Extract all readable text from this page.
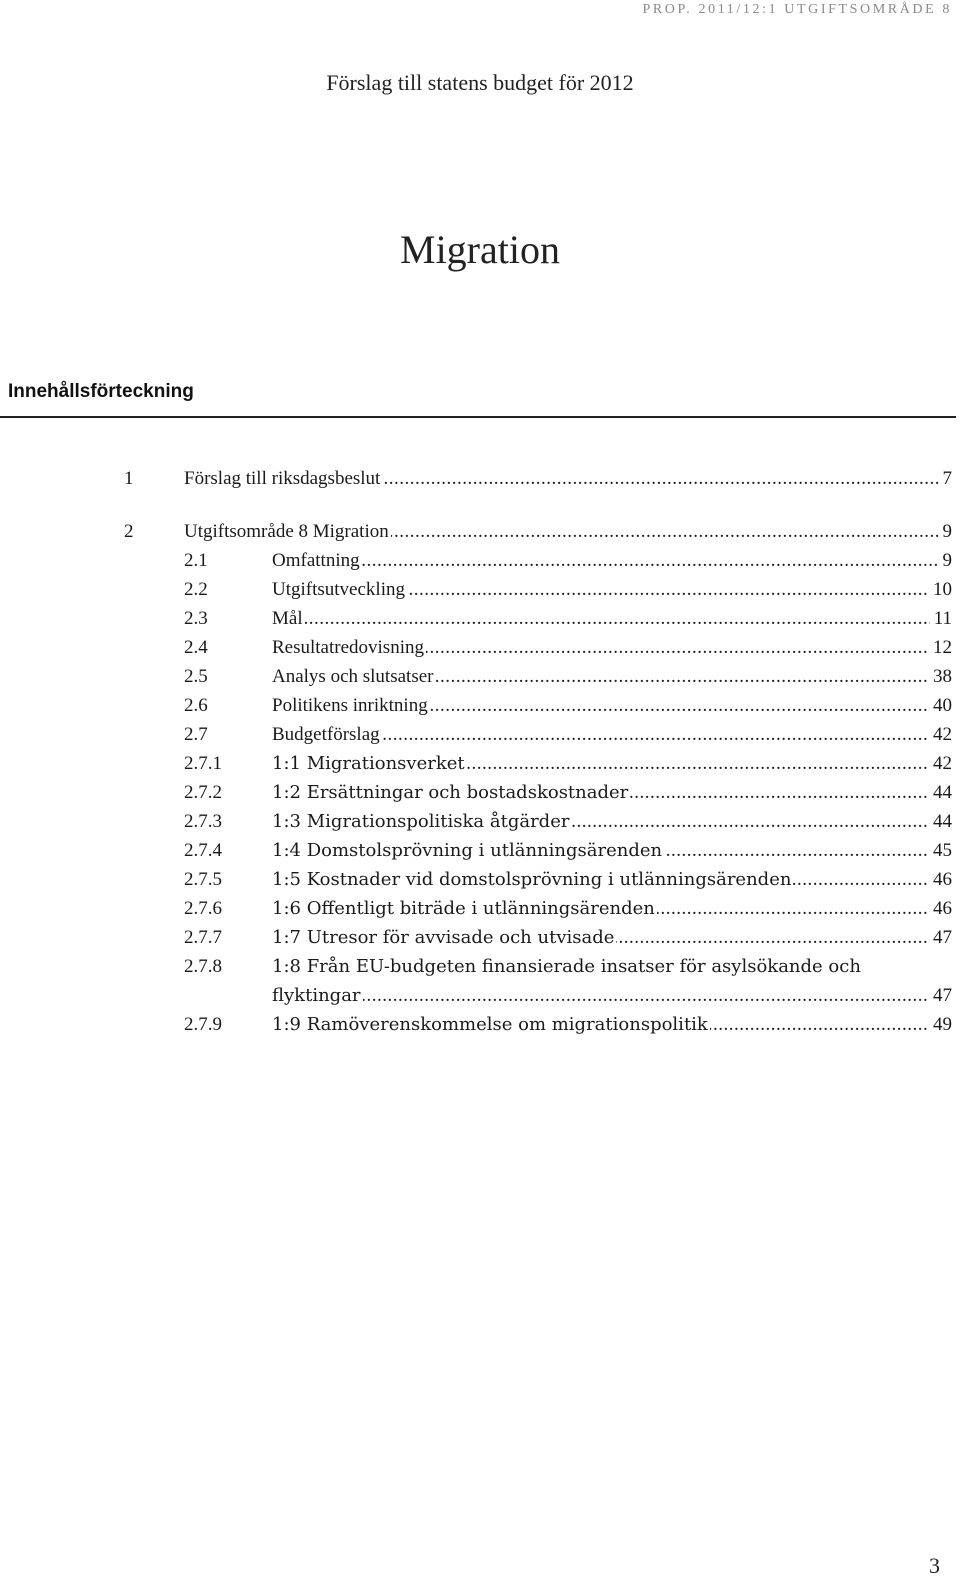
PROP. 2011/12:1 UTGIFTSOMRÅDE 8
Förslag till statens budget för 2012
Migration
Innehållsförteckning
1 .....	Förslag till riksdagsbeslut	7
2 .....	Utgiftsområde 8 Migration	9
2.1 .....	Omfattning	9
2.2 .....	Utgiftsutveckling	10
2.3 .....	Mål	11
2.4 .....	Resultatredovisning	12
2.5 .....	Analys och slutsatser	38
2.6 .....	Politikens inriktning	40
2.7 .....	Budgetförslag	42
2.7.1 .....	1:1 Migrationsverket	42
2.7.2 .....	1:2 Ersättningar och bostadskostnader	44
2.7.3 .....	1:3 Migrationspolitiska åtgärder	44
2.7.4 .....	1:4 Domstolsprövning i utlänningsärenden	45
2.7.5 .....	1:5 Kostnader vid domstolsprövning i utlänningsärenden	46
2.7.6 .....	1:6 Offentligt biträde i utlänningsärenden	46
2.7.7 .....	1:7 Utresor för avvisade och utvisade	47
2.7.8	1:8 Från EU-budgeten finansierade insatser för asylsökande och
.....
flyktingar	47
2.7.9 .....	1:9 Ramöverenskommelse om migrationspolitik	49
3
